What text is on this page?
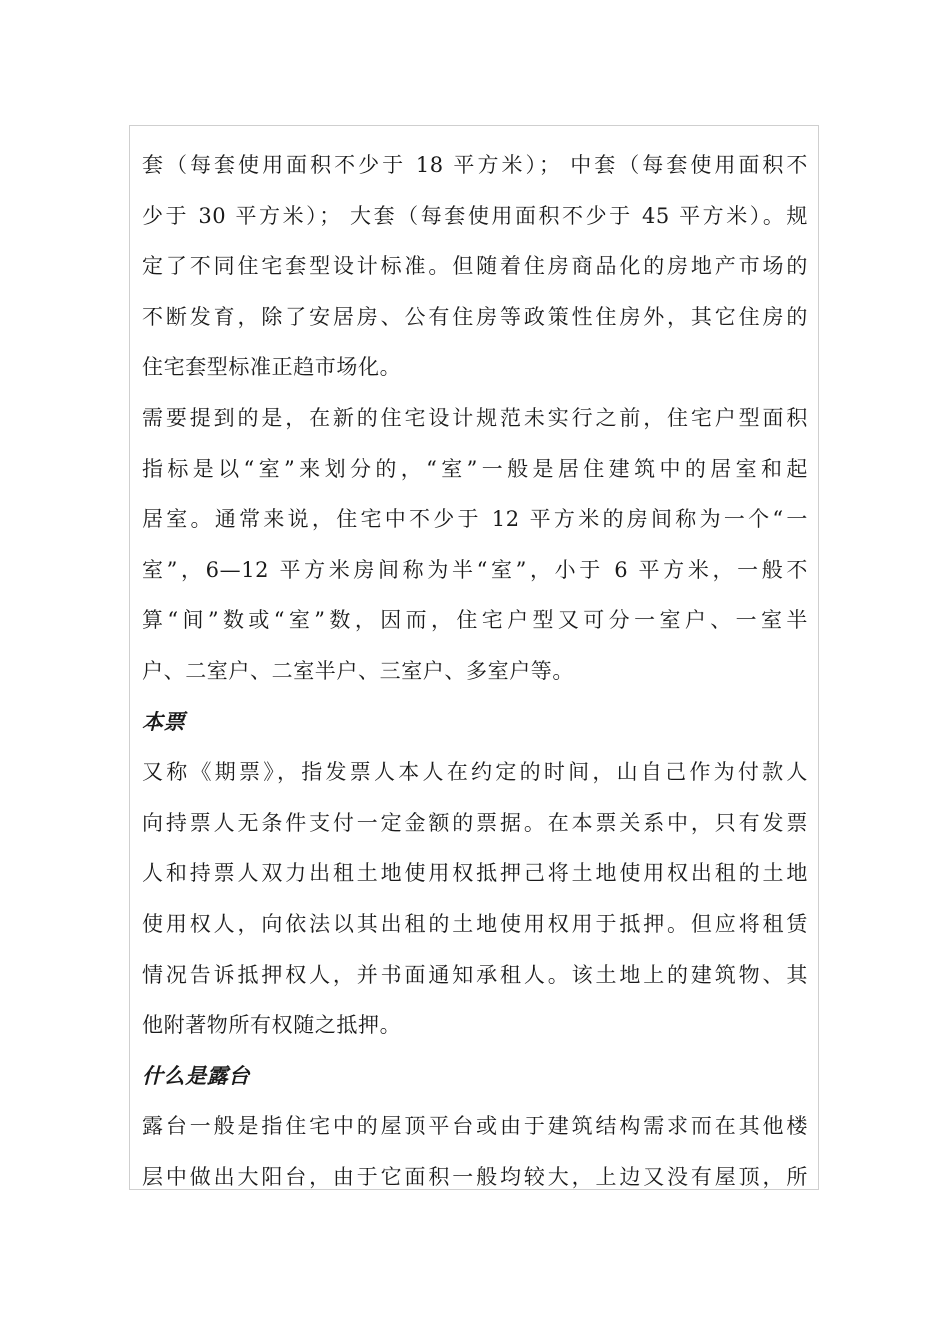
套（每套使用面积不少于 18 平方米）； 中套（每套使用面积不
少于 30 平方米）； 大套（每套使用面积不少于 45 平方米）。规
定了不同住宅套型设计标准。但随着住房商品化的房地产市场的
不断发育，除了安居房、公有住房等政策性住房外，其它住房的
住宅套型标准正趋市场化。
需要提到的是，在新的住宅设计规范未实行之前，住宅户型面积
指标是以“室”来划分的，“室”一般是居住建筑中的居室和起
居室。通常来说，住宅中不少于 12 平方米的房间称为一个“一
室”，6—12 平方米房间称为半“室”，小于 6 平方米，一般不
算“间”数或“室”数，因而，住宅户型又可分一室户、一室半
户、二室户、二室半户、三室户、多室户等。
本票
又称《期票》，指发票人本人在约定的时间，山自己作为付款人
向持票人无条件支付一定金额的票据。在本票关系中，只有发票
人和持票人双力出租土地使用权抵押己将土地使用权出租的土地
使用权人，向依法以其出租的土地使用权用于抵押。但应将租赁
情况告诉抵押权人，并书面通知承租人。该土地上的建筑物、其
他附著物所有权随之抵押。
什么是露台
露台一般是指住宅中的屋顶平台或由于建筑结构需求而在其他楼
层中做出大阳台，由于它面积一般均较大，上边又没有屋顶，所
